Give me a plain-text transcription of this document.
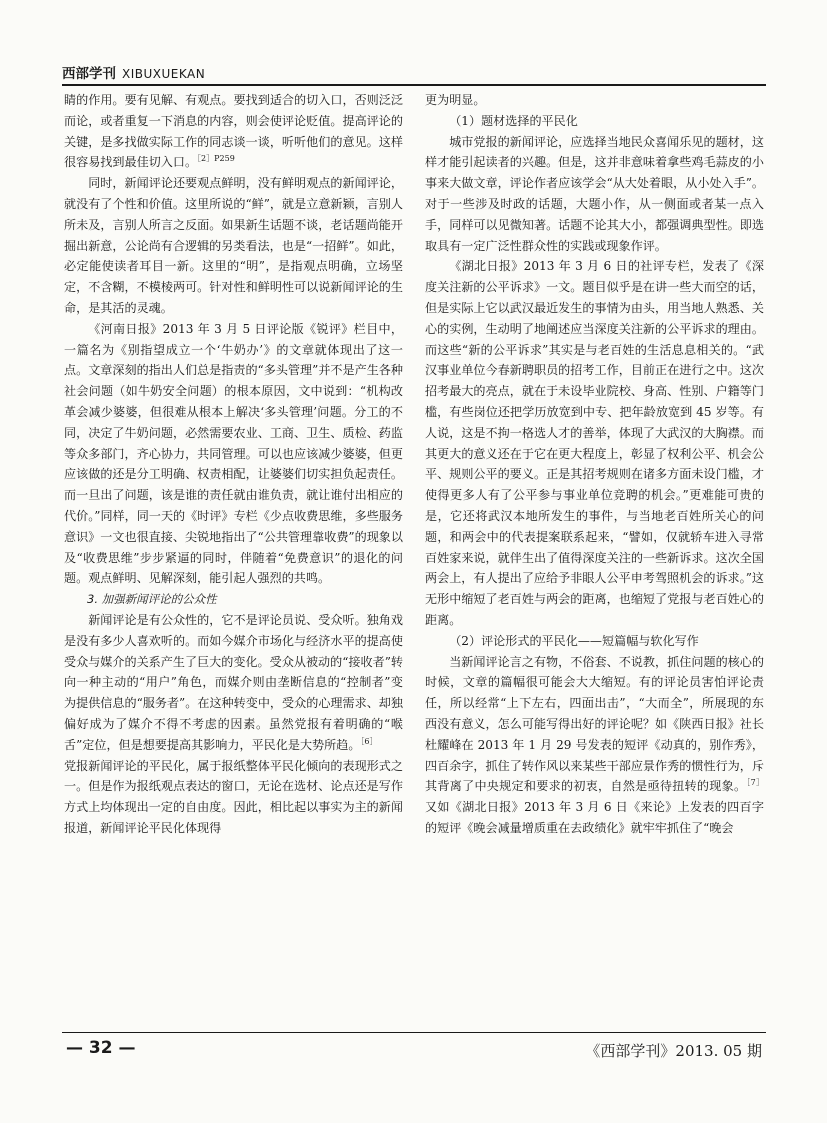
西部学刊 XIBUXUEKAN

睛的作用。要有见解、有观点。要找到适合的切入口，否则泛泛而论，或者重复一下消息的内容，则会使评论贬值。提高评论的关键，是多找做实际工作的同志谈一谈，听听他们的意见。这样很容易找到最佳切入口。$^{[2]P259}$

同时，新闻评论还要观点鲜明，没有鲜明观点的新闻评论，就没有了个性和价值。这里所说的“鲜”，就是立意新颖，言别人所未及，言别人所言之反面。如果新生话题不谈，老话题尚能开掘出新意，公论尚有合逻辑的另类看法，也是“一招鲜”。如此，必定能使读者耳目一新。这里的“明”，是指观点明确，立场坚定，不含糊，不模棱两可。针对性和鲜明性可以说新闻评论的生命，是其活的灵魂。

《河南日报》2013 年 3 月 5 日评论版《锐评》栏目中，一篇名为《别指望成立一个‘牛奶办’》的文章就体现出了这一点。文章深刻的指出人们总是指责的“多头管理”并不是产生各种社会问题（如牛奶安全问题）的根本原因，文中说到：“机构改革会减少婆婆，但很难从根本上解决‘多头管理’问题。分工的不同，决定了牛奶问题，必然需要农业、工商、卫生、质检、药监等众多部门，齐心协力，共同管理。可以也应该减少婆婆，但更应该做的还是分工明确、权责相配，让婆婆们切实担负起责任。而一旦出了问题，该是谁的责任就由谁负责，就让谁付出相应的代价。”同样，同一天的《时评》专栏《少点收费思维，多些服务意识》一文也很直接、尖锐地指出了“公共管理靠收费”的现象以及“收费思维”步步紧逼的同时，伴随着“免费意识”的退化的问题。观点鲜明、见解深刻，能引起人强烈的共鸣。

3. 加强新闻评论的公众性

新闻评论是有公众性的，它不是评论员说、受众听。独角戏是没有多少人喜欢听的。而如今媒介市场化与经济水平的提高使受众与媒介的关系产生了巨大的变化。受众从被动的“接收者”转向一种主动的“用户”角色，而媒介则由垄断信息的“控制者”变为提供信息的“服务者”。在这种转变中，受众的心理需求、却独偏好成为了媒介不得不考虑的因素。虽然党报有着明确的“喉舌”定位，但是想要提高其影响力，平民化是大势所趋。$^{[6]}$

党报新闻评论的平民化，属于报纸整体平民化倾向的表现形式之一。但是作为报纸观点表达的窗口，无论在选材、论点还是写作方式上均体现出一定的自由度。因此，相比起以事实为主的新闻报道，新闻评论平民化体现得

更为明显。

（1）题材选择的平民化

城市党报的新闻评论，应选择当地民众喜闻乐见的题材，这样才能引起读者的兴趣。但是，这并非意味着拿些鸡毛蒜皮的小事来大做文章，评论作者应该学会“从大处着眼，从小处入手”。对于一些涉及时政的话题，大题小作，从一侧面或者某一点入手，同样可以见微知著。话题不论其大小，都强调典型性。即选取具有一定广泛性群众性的实践或现象作评。

《湖北日报》2013 年 3 月 6 日的社评专栏，发表了《深度关注新的公平诉求》一文。题目似乎是在讲一些大而空的话，但是实际上它以武汉最近发生的事情为由头，用当地人熟悉、关心的实例，生动明了地阐述应当深度关注新的公平诉求的理由。而这些“新的公平诉求”其实是与老百姓的生活息息相关的。“武汉事业单位今春新聘职员的招考工作，目前正在进行之中。这次招考最大的亮点，就在于未设毕业院校、身高、性别、户籍等门槛，有些岗位还把学历放宽到中专、把年龄放宽到 45 岁等。有人说，这是不拘一格选人才的善举，体现了大武汉的大胸襟。而其更大的意义还在于它在更大程度上，彰显了权利公平、机会公平、规则公平的要义。正是其招考规则在诸多方面未设门槛，才使得更多人有了公平参与事业单位竞聘的机会。”更难能可贵的是，它还将武汉本地所发生的事件，与当地老百姓所关心的问题，和两会中的代表提案联系起来，“譬如，仅就轿车进入寻常百姓家来说，就伴生出了值得深度关注的一些新诉求。这次全国两会上，有人提出了应给予非眼人公平申考驾照机会的诉求。”这无形中缩短了老百姓与两会的距离，也缩短了党报与老百姓心的距离。

（2）评论形式的平民化——短篇幅与软化写作

当新闻评论言之有物，不俗套、不说教，抓住问题的核心的时候，文章的篇幅很可能会大大缩短。有的评论员害怕评论责任，所以经常“上下左右，四面出击”，“大而全”，所展现的东西没有意义，怎么可能写得出好的评论呢？如《陕西日报》社长杜耀峰在 2013 年 1 月 29 号发表的短评《动真的，别作秀》，四百余字，抓住了转作风以来某些干部应景作秀的惯性行为，斥其背离了中央规定和要求的初衷，自然是亟待扭转的现象。$^{[7]}$又如《湖北日报》2013 年 3 月 6 日《来论》上发表的四百字的短评《晚会减量增质重在去政绩化》就牢牢抓住了“晚会

— 32 —	《西部学刊》2013. 05 期
